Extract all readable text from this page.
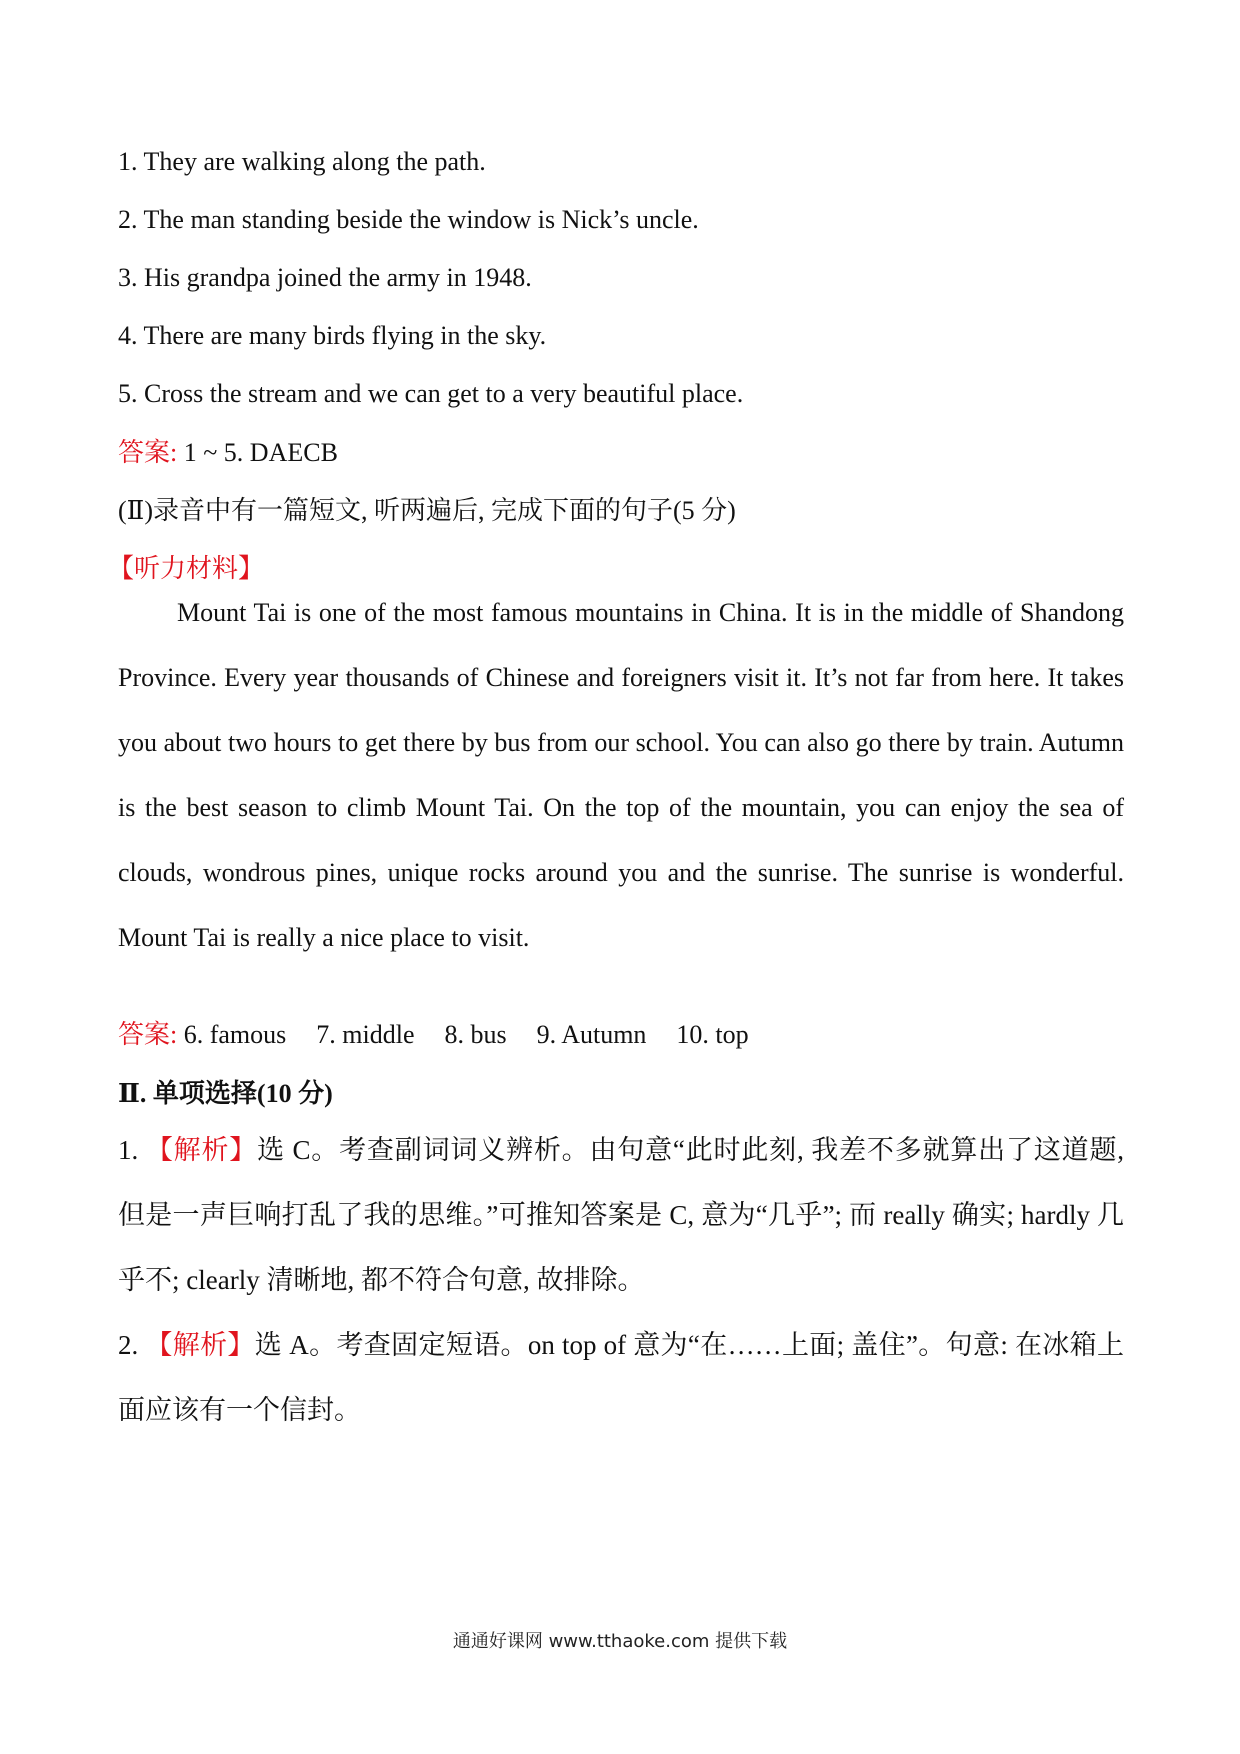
1. They are walking along the path.
2. The man standing beside the window is Nick’s uncle.
3. His grandpa joined the army in 1948.
4. There are many birds flying in the sky.
5. Cross the stream and we can get to a very beautiful place.
答案: 1 ~ 5. DAECB
(Ⅱ)录音中有一篇短文, 听两遍后, 完成下面的句子(5 分)
【听力材料】
Mount Tai is one of the most famous mountains in China. It is in the middle of Shandong Province. Every year thousands of Chinese and foreigners visit it. It’s not far from here. It takes you about two hours to get there by bus from our school. You can also go there by train. Autumn is the best season to climb Mount Tai. On the top of the mountain, you can enjoy the sea of clouds, wondrous pines, unique rocks around you and the sunrise. The sunrise is wonderful. Mount Tai is really a nice place to visit.
答案: 6. famous 7. middle 8. bus 9. Autumn 10. top
Ⅱ. 单项选择(10 分)
1. 【解析】选 C。考查副词词义辨析。由句意“此时此刻, 我差不多就算出了这道题, 但是一声巨响打乱了我的思维。”可推知答案是 C, 意为“几乎”; 而 really 确实; hardly 几乎不; clearly 清晰地, 都不符合句意, 故排除。
2. 【解析】选 A。考查固定短语。on top of 意为“在……上面; 盖住”。句意: 在冰箱上面应该有一个信封。
通通好课网 www.tthaoke.com 提供下载
